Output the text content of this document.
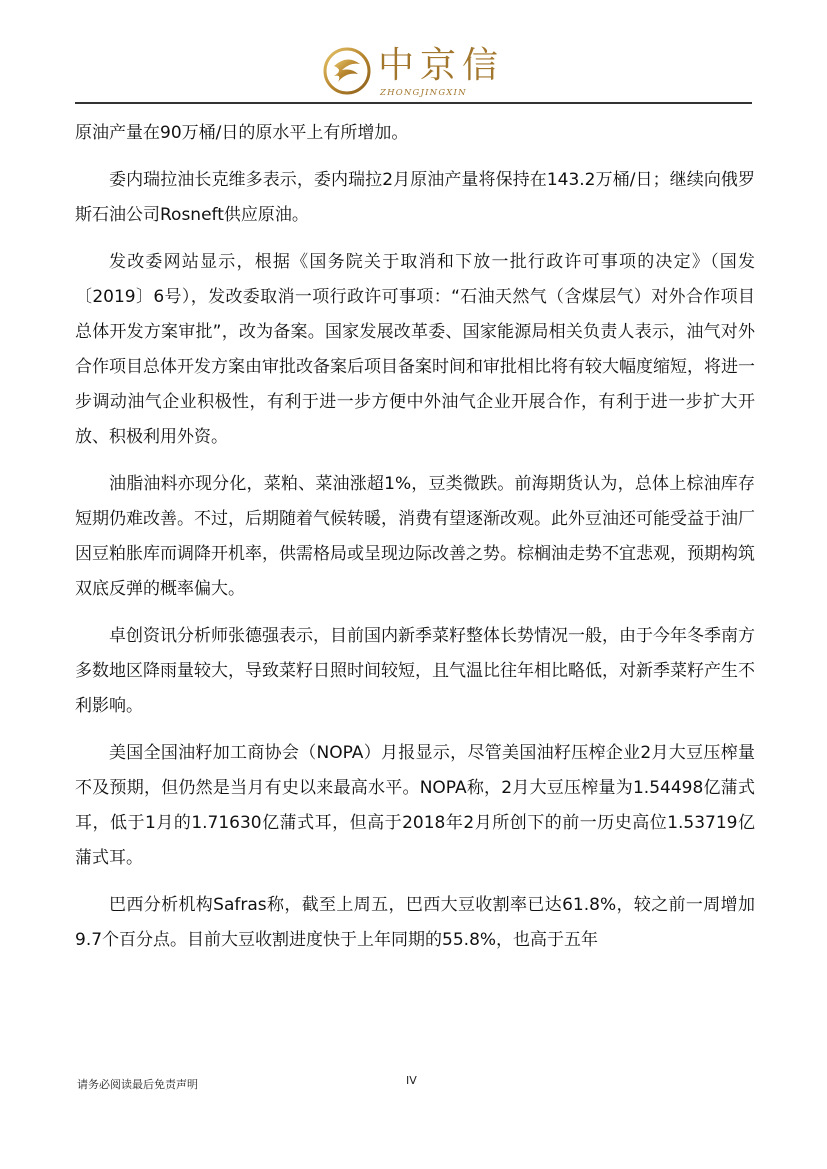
中京信
ZHONGJINGXIN

原油产量在90万桶/日的原水平上有所增加。

委内瑞拉油长克维多表示，委内瑞拉2月原油产量将保持在143.2万桶/日；继续向俄罗斯石油公司Rosneft供应原油。

发改委网站显示，根据《国务院关于取消和下放一批行政许可事项的决定》（国发〔2019〕6号），发改委取消一项行政许可事项：“石油天然气（含煤层气）对外合作项目总体开发方案审批”，改为备案。国家发展改革委、国家能源局相关负责人表示，油气对外合作项目总体开发方案由审批改备案后项目备案时间和审批相比将有较大幅度缩短，将进一步调动油气企业积极性，有利于进一步方便中外油气企业开展合作，有利于进一步扩大开放、积极利用外资。

油脂油料亦现分化，菜粕、菜油涨超1%，豆类微跌。前海期货认为，总体上棕油库存短期仍难改善。不过，后期随着气候转暖，消费有望逐渐改观。此外豆油还可能受益于油厂因豆粕胀库而调降开机率，供需格局或呈现边际改善之势。棕榈油走势不宜悲观，预期构筑双底反弹的概率偏大。

卓创资讯分析师张德强表示，目前国内新季菜籽整体长势情况一般，由于今年冬季南方多数地区降雨量较大，导致菜籽日照时间较短，且气温比往年相比略低，对新季菜籽产生不利影响。

美国全国油籽加工商协会（NOPA）月报显示，尽管美国油籽压榨企业2月大豆压榨量不及预期，但仍然是当月有史以来最高水平。NOPA称，2月大豆压榨量为1.54498亿蒲式耳，低于1月的1.71630亿蒲式耳，但高于2018年2月所创下的前一历史高位1.53719亿蒲式耳。

巴西分析机构Safras称，截至上周五，巴西大豆收割率已达61.8%，较之前一周增加9.7个百分点。目前大豆收割进度快于上年同期的55.8%，也高于五年

请务必阅读最后免责声明	IV
